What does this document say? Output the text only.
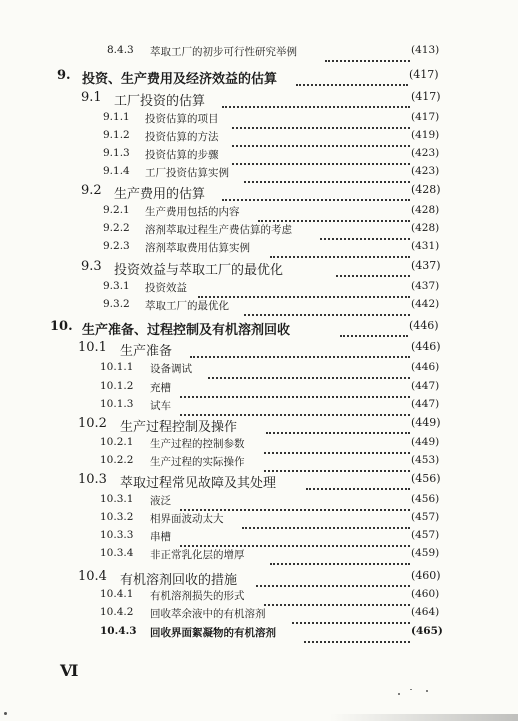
8.4.3 萃取工厂的初步可行性研究举例	(413)
9. 投资、生产费用及经济效益的估算	(417)
9.1 工厂投资的估算	(417)
9.1.1 投资估算的项目	(417)
9.1.2 投资估算的方法	(419)
9.1.3 投资估算的步骤	(423)
9.1.4 工厂投资估算实例	(423)
9.2 生产费用的估算	(428)
9.2.1 生产费用包括的内容	(428)
9.2.2 溶剂萃取过程生产费估算的考虑	(428)
9.2.3 溶剂萃取费用估算实例	(431)
9.3 投资效益与萃取工厂的最优化	(437)
9.3.1 投资效益	(437)
9.3.2 萃取工厂的最优化	(442)
10. 生产准备、过程控制及有机溶剂回收	(446)
10.1 生产准备	(446)
10.1.1 设备调试	(446)
10.1.2 充槽	(447)
10.1.3 试车	(447)
10.2 生产过程控制及操作	(449)
10.2.1 生产过程的控制参数	(449)
10.2.2 生产过程的实际操作	(453)
10.3 萃取过程常见故障及其处理	(456)
10.3.1 液泛	(456)
10.3.2 相界面波动太大	(457)
10.3.3 串槽	(457)
10.3.4 非正常乳化层的增厚	(459)
10.4 有机溶剂回收的措施	(460)
10.4.1 有机溶剂损失的形式	(460)
10.4.2 回收萃余液中的有机溶剂	(464)
10.4.3 回收界面絮凝物的有机溶剂	(465)
Ⅵ
